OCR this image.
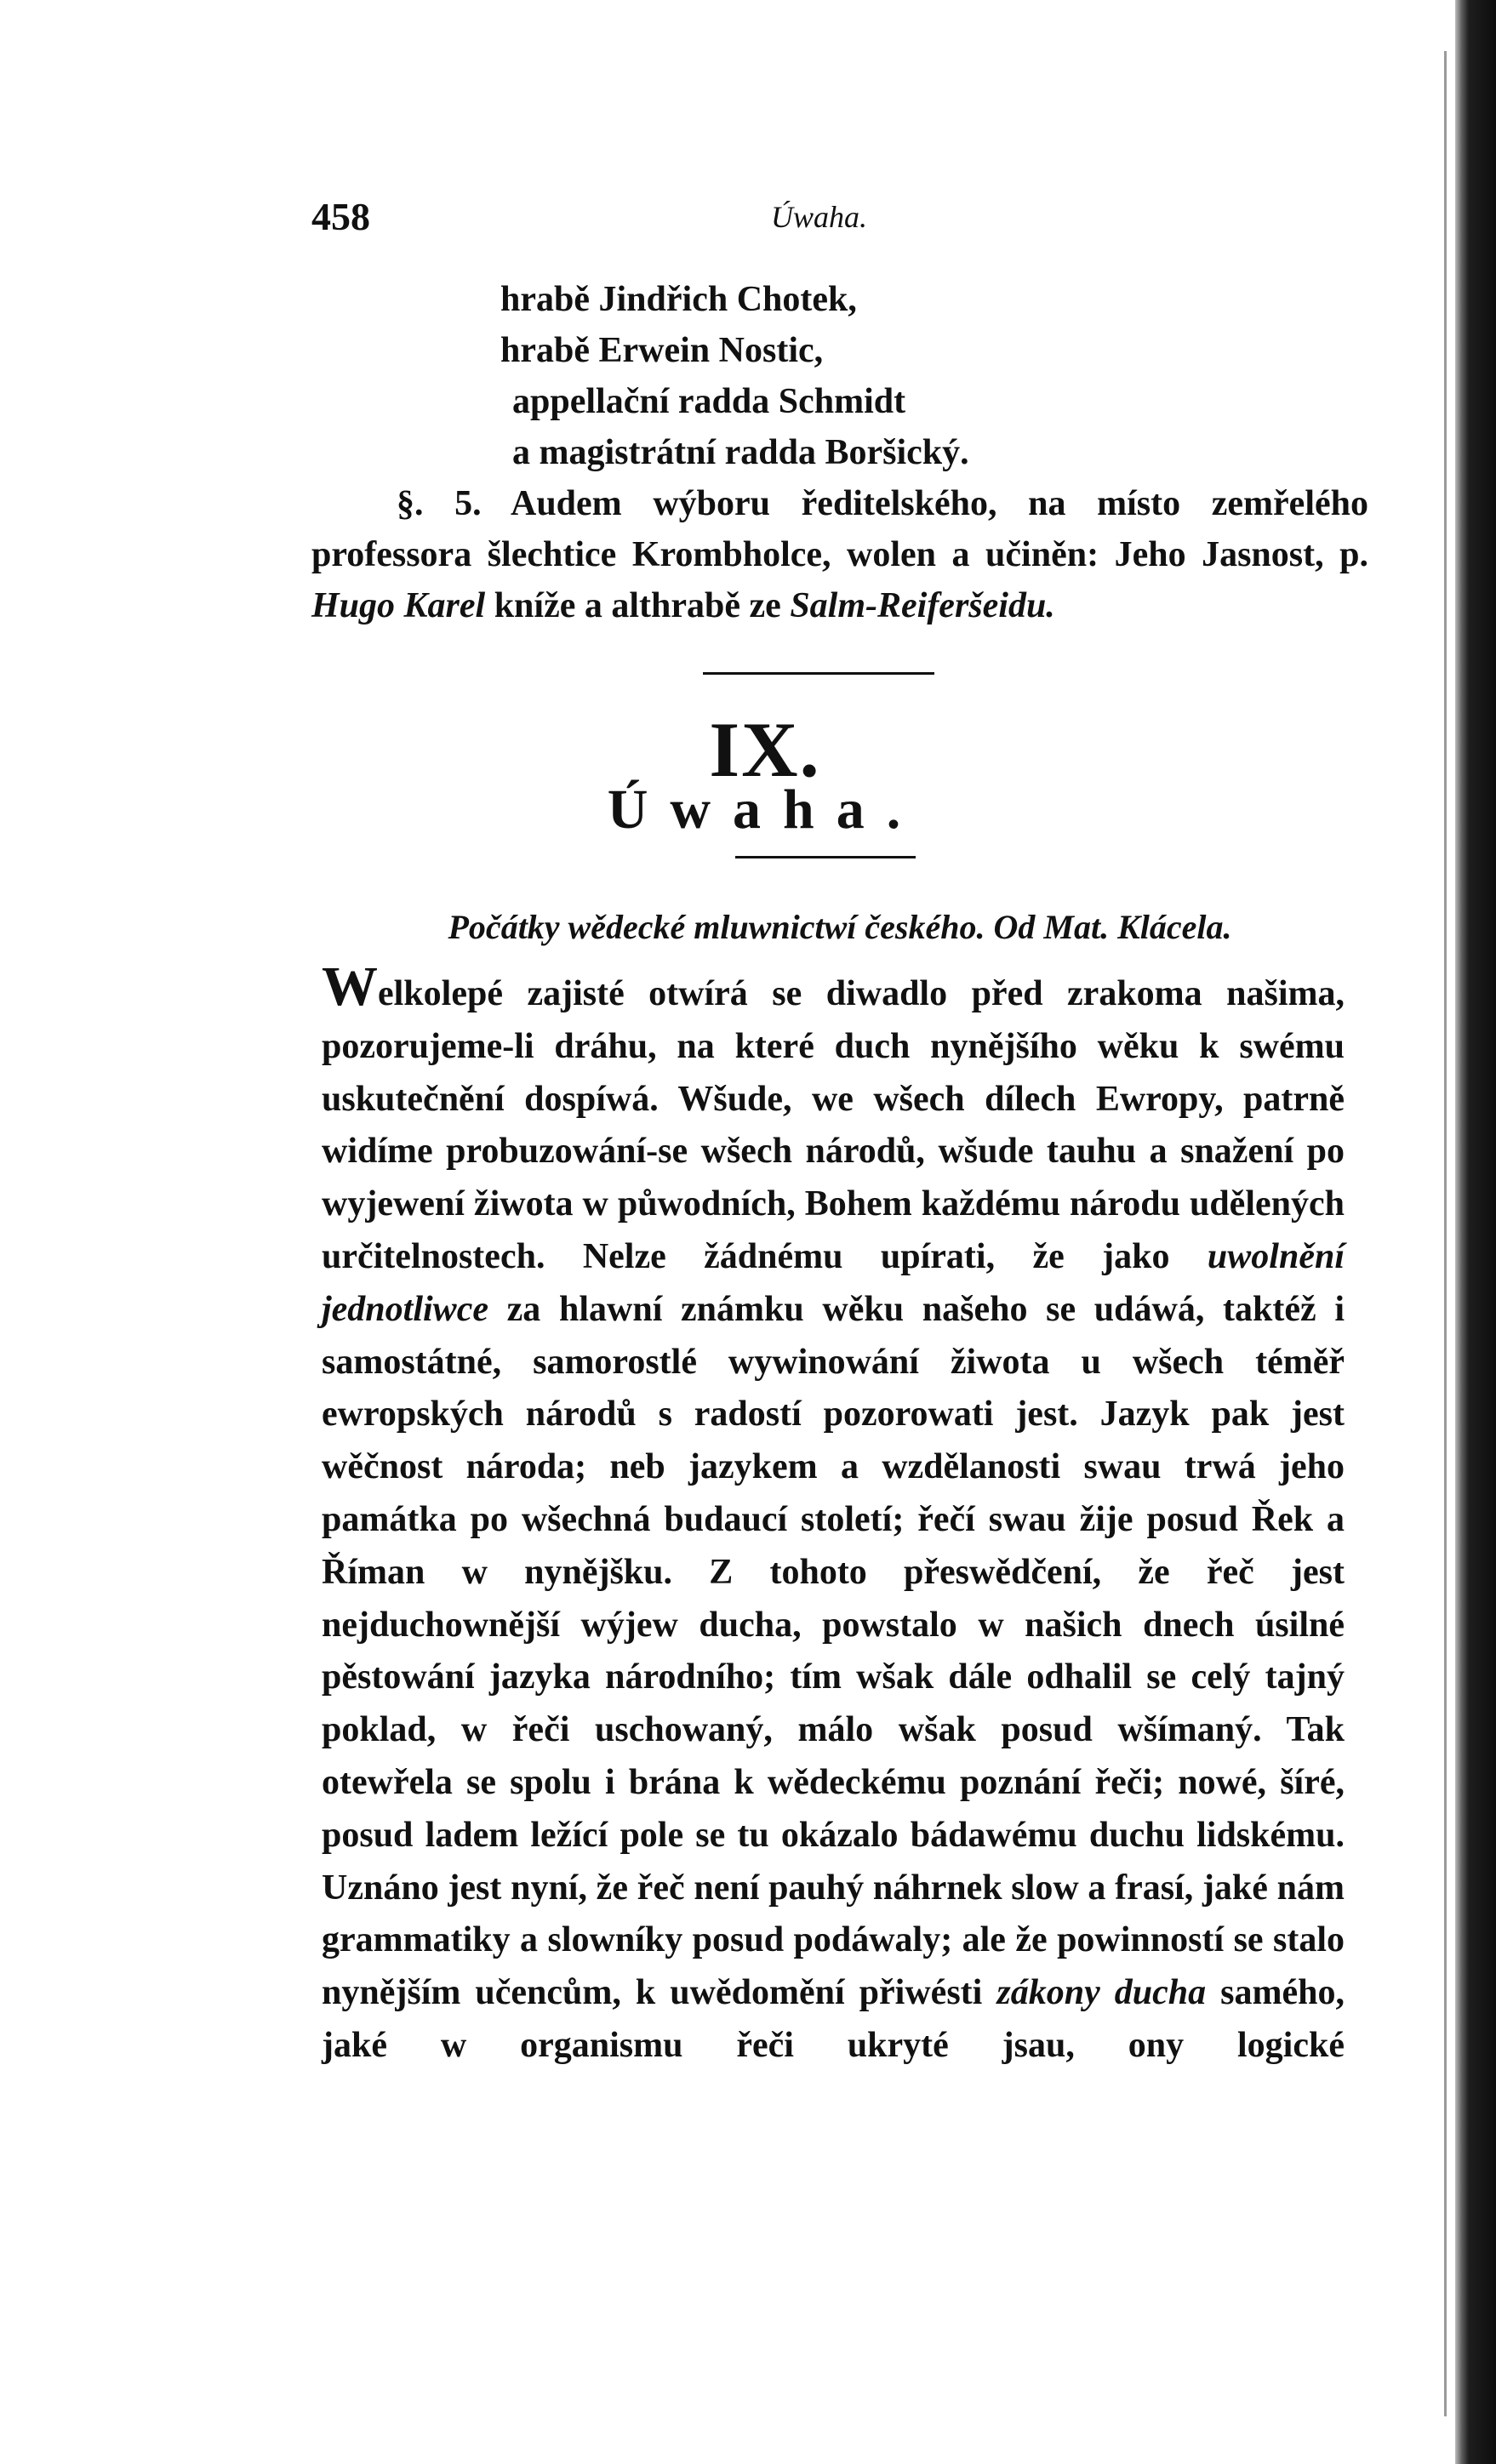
458	Úwaha.
hrabě Jindřich Chotek,
hrabě Erwein Nostic,
appellační radda Schmidt
a magistrátní radda Boršický.
§. 5. Audem wýboru ředitelského, na místo zemřelého professora šlechtice Krombholce, wolen a učiněn: Jeho Jasnost, p. Hugo Karel kníže a althrabě ze Salm-Reiferšeidu.
IX.
Úwaha.
Počátky wědecké mluwnictwí českého. Od Mat. Klácela.
Welkolepé zajisté otwírá se diwadlo před zrakoma našima, pozorujeme-li dráhu, na které duch nynějšího wěku k swému uskutečnění dospíwá. Wšude, we wšech dílech Ewropy, patrně widíme probuzowání-se wšech národů, wšude tauhu a snažení po wyjewení žiwota w půwodních, Bohem každému národu udělených určitelnostech. Nelze žádnému upírati, že jako uwolnění jednotliwce za hlawní známku wěku našeho se udáwá, taktéž i samostátné, samorostlé wywinowání žiwota u wšech téměř ewropských národů s radostí pozorowati jest. Jazyk pak jest wěčnost národa; neb jazykem a wzdělanosti swau trwá jeho památka po wšechná budaucí století; řečí swau žije posud Řek a Říman w nynějšku. Z tohoto přeswědčení, že řeč jest nejduchownější wýjew ducha, powstalo w našich dnech úsilné pěstowání jazyka národního; tím wšak dále odhalil se celý tajný poklad, w řeči uschowaný, málo wšak posud wšímaný. Tak otewřela se spolu i brána k wědeckému poznání řeči; nowé, šíré, posud ladem ležící pole se tu okázalo bádawému duchu lidskému. Uznáno jest nyní, že řeč není pauhý náhrnek slow a frasí, jaké nám grammatiky a slowníky posud podáwaly; ale že powinností se stalo nynějším učencům, k uwědomění přiwésti zákony ducha samého, jaké w organismu řeči ukryté jsau, ony logické
